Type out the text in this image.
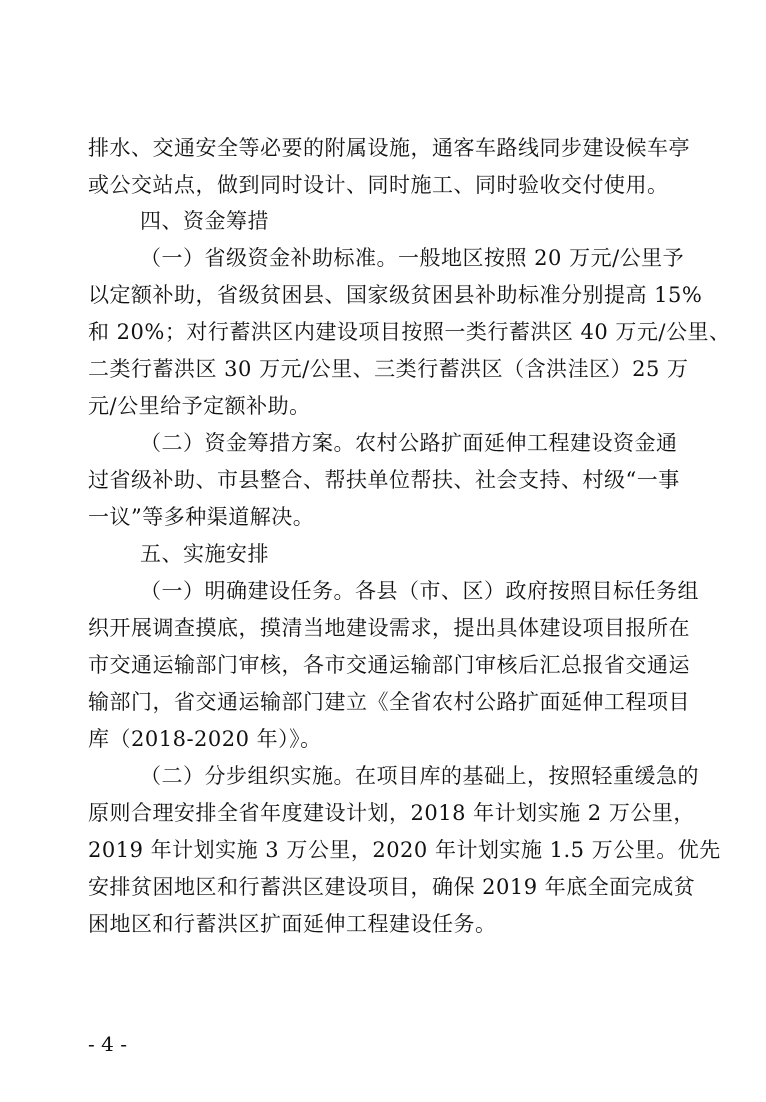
排水、交通安全等必要的附属设施，通客车路线同步建设候车亭
或公交站点，做到同时设计、同时施工、同时验收交付使用。
四、资金筹措
（一）省级资金补助标准。一般地区按照 20 万元/公里予
以定额补助，省级贫困县、国家级贫困县补助标准分别提高 15%
和 20%；对行蓄洪区内建设项目按照一类行蓄洪区 40 万元/公里、
二类行蓄洪区 30 万元/公里、三类行蓄洪区（含洪洼区）25 万
元/公里给予定额补助。
（二）资金筹措方案。农村公路扩面延伸工程建设资金通
过省级补助、市县整合、帮扶单位帮扶、社会支持、村级“一事
一议”等多种渠道解决。
五、实施安排
（一）明确建设任务。各县（市、区）政府按照目标任务组
织开展调查摸底，摸清当地建设需求，提出具体建设项目报所在
市交通运输部门审核，各市交通运输部门审核后汇总报省交通运
输部门，省交通运输部门建立《全省农村公路扩面延伸工程项目
库（2018-2020 年）》。
（二）分步组织实施。在项目库的基础上，按照轻重缓急的
原则合理安排全省年度建设计划，2018 年计划实施 2 万公里，
2019 年计划实施 3 万公里，2020 年计划实施 1.5 万公里。优先
安排贫困地区和行蓄洪区建设项目，确保 2019 年底全面完成贫
困地区和行蓄洪区扩面延伸工程建设任务。
- 4 -
